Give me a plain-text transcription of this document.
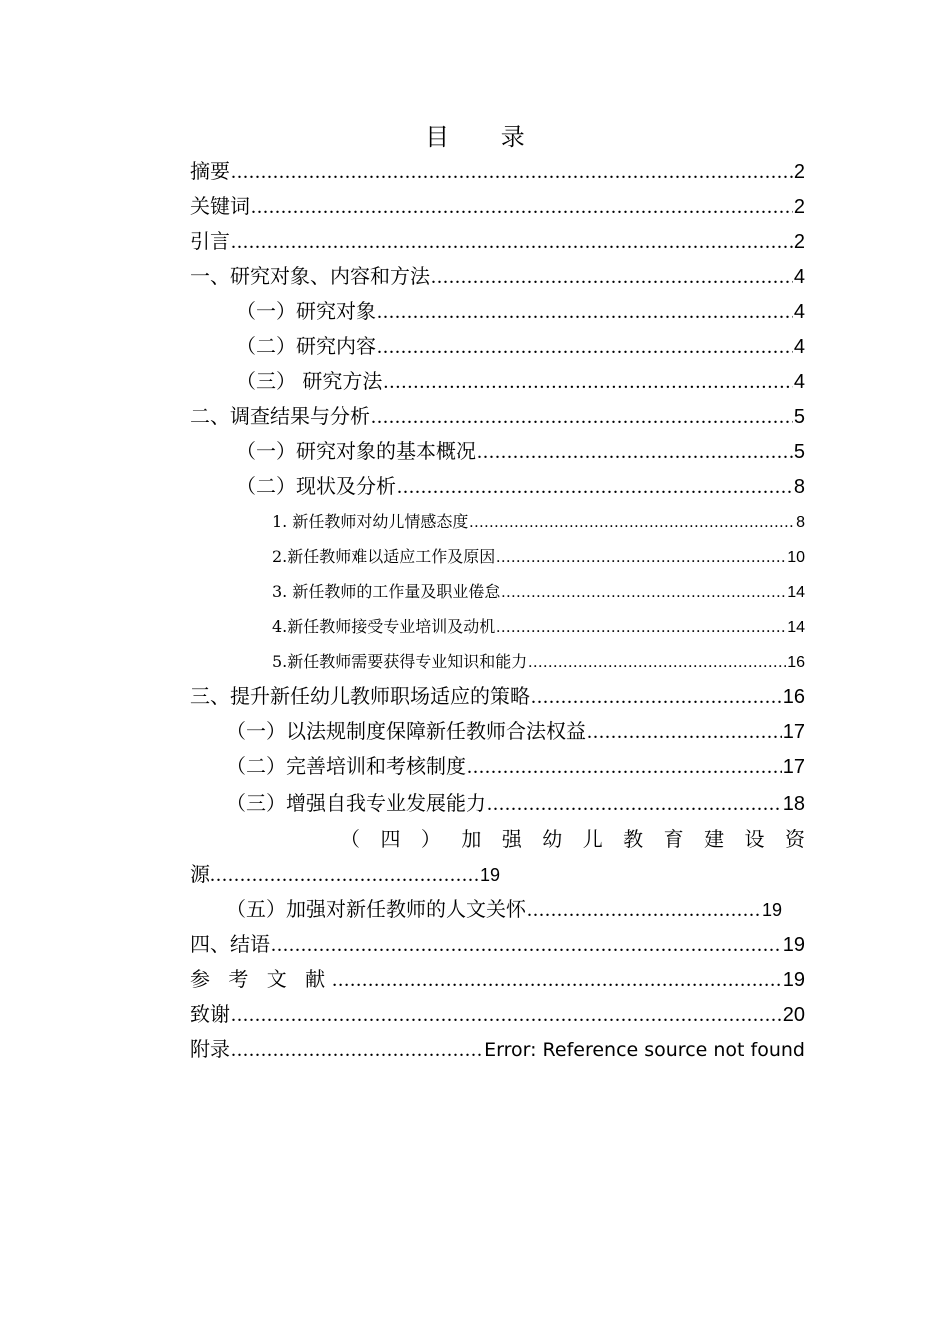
目 录
摘要 .....	2
关键词 .....	2
引言 .....	2
一、研究对象、内容和方法 .....	4
（一）研究对象 .....	4
（二）研究内容 .....	4
（三） 研究方法 .....	4
二、调查结果与分析 .....	5
（一）研究对象的基本概况 .....	5
（二）现状及分析 .....	8
1. 新任教师对幼儿情感态度 .....	8
2.新任教师难以适应工作及原因 .....	10
3. 新任教师的工作量及职业倦怠 .....	14
4.新任教师接受专业培训及动机 .....	14
5.新任教师需要获得专业知识和能力 .....	16
三、提升新任幼儿教师职场适应的策略 .....	16
（一）以法规制度保障新任教师合法权益 .....	17
（二）完善培训和考核制度 .....	17
（三）增强自我专业发展能力 .....	18
（ 四 ） 加 强 幼 儿 教 育 建 设 资
源 .....	19
（五）加强对新任教师的人文关怀 .....	19
四、结语 .....	19
参 考 文 献 .....	19
致谢 .....	20
附录 .....	Error: Reference source not found
